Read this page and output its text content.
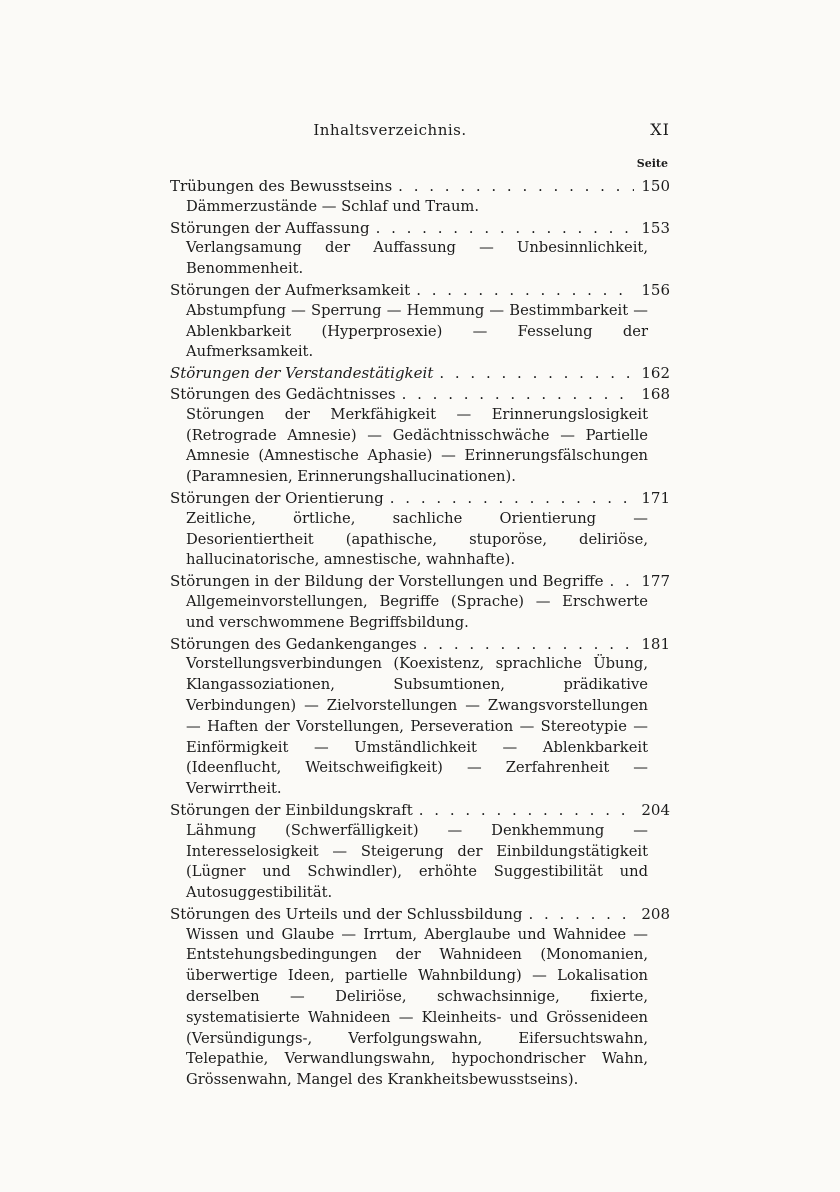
Inhaltsverzeichnis.	XI
Seite
Trübungen des Bewusstseins . . .	150

Dämmerzustände — Schlaf und Traum.

Störungen der Auffassung . . .	153

Verlangsamung der Auffassung — Unbesinnlichkeit, Benommenheit.

Störungen der Aufmerksamkeit . . .	156

Abstumpfung — Sperrung — Hemmung — Bestimmbarkeit — Ablenkbarkeit (Hyperprosexie) — Fesselung der Aufmerksamkeit.

Störungen der Verstandestätigkeit . . .	162
Störungen des Gedächtnisses . . .	168

Störungen der Merkfähigkeit — Erinnerungslosigkeit (Retrograde Amnesie) — Gedächtnisschwäche — Partielle Amnesie (Amnestische Aphasie) — Erinnerungsfälschungen (Paramnesien, Erinnerungshallucinationen).

Störungen der Orientierung . . .	171

Zeitliche, örtliche, sachliche Orientierung — Desorientiertheit (apathische, stuporöse, deliriöse, hallucinatorische, amnestische, wahnhafte).

Störungen in der Bildung der Vorstellungen und Begriffe . . .	177

Allgemeinvorstellungen, Begriffe (Sprache) — Erschwerte und verschwommene Begriffsbildung.

Störungen des Gedankenganges . . .	181

Vorstellungsverbindungen (Koexistenz, sprachliche Übung, Klangassoziationen, Subsumtionen, prädikative Verbindungen) — Zielvorstellungen — Zwangsvorstellungen — Haften der Vorstellungen, Perseveration — Stereotypie — Einförmigkeit — Umständlichkeit — Ablenkbarkeit (Ideenflucht, Weitschweifigkeit) — Zerfahrenheit — Verwirrtheit.

Störungen der Einbildungskraft . . .	204

Lähmung (Schwerfälligkeit) — Denkhemmung — Interesselosigkeit — Steigerung der Einbildungstätigkeit (Lügner und Schwindler), erhöhte Suggestibilität und Autosuggestibilität.

Störungen des Urteils und der Schlussbildung . . .	208

Wissen und Glaube — Irrtum, Aberglaube und Wahnidee — Entstehungsbedingungen der Wahnideen (Monomanien, überwertige Ideen, partielle Wahnbildung) — Lokalisation derselben — Deliriöse, schwachsinnige, fixierte, systematisierte Wahnideen — Kleinheits- und Grössenideen (Versündigungs-, Verfolgungswahn, Eifersuchtswahn, Telepathie, Verwandlungswahn, hypochondrischer Wahn, Grössenwahn, Mangel des Krankheitsbewusstseins).
